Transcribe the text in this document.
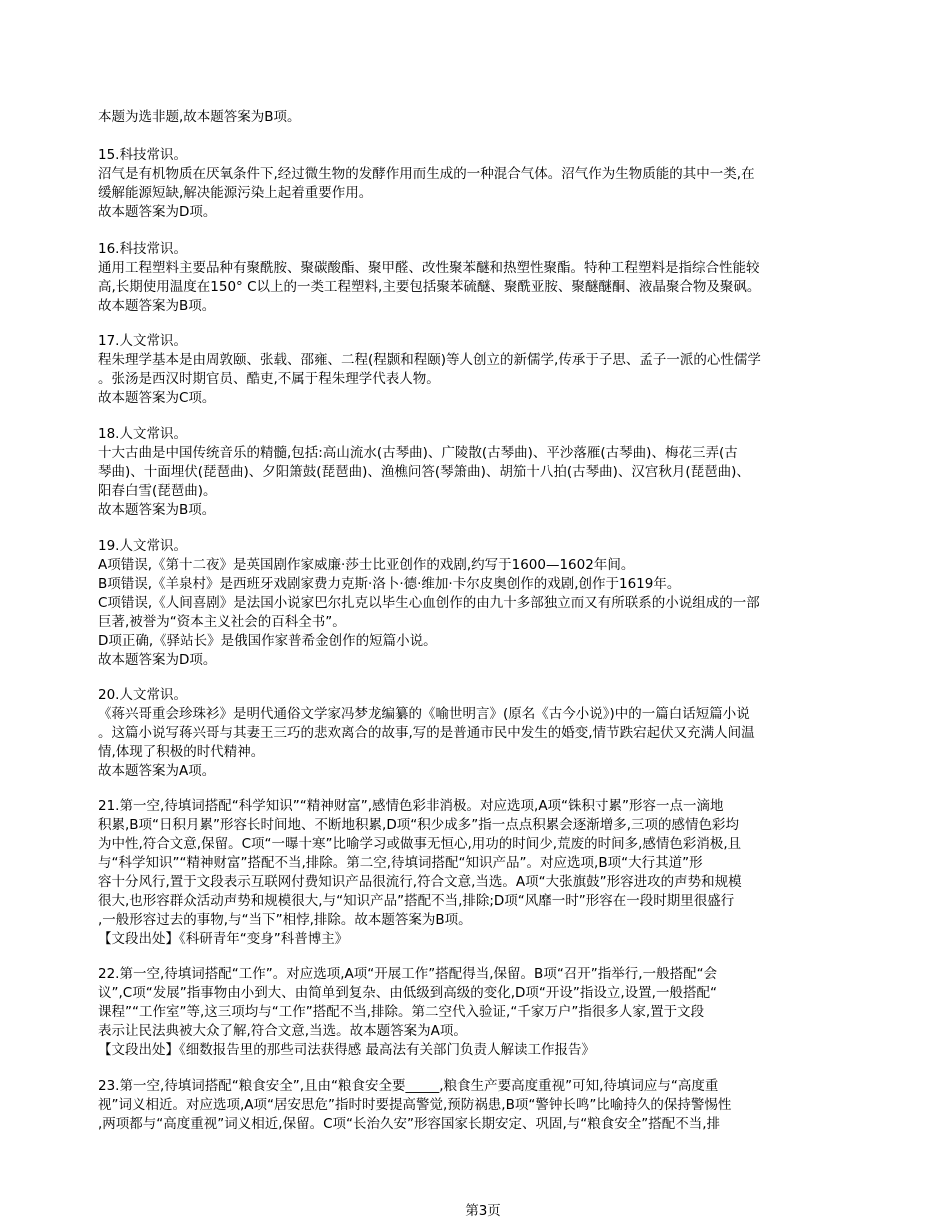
本题为选非题,故本题答案为B项。

15.科技常识。
沼气是有机物质在厌氧条件下,经过微生物的发酵作用而生成的一种混合气体。沼气作为生物质能的其中一类,在
缓解能源短缺,解决能源污染上起着重要作用。
故本题答案为D项。
16.科技常识。
通用工程塑料主要品种有聚酰胺、聚碳酸酯、聚甲醛、改性聚苯醚和热塑性聚酯。特种工程塑料是指综合性能较
高,长期使用温度在150° C以上的一类工程塑料,主要包括聚苯硫醚、聚酰亚胺、聚醚醚酮、液晶聚合物及聚砜。
故本题答案为B项。
17.人文常识。
程朱理学基本是由周敦颐、张载、邵雍、二程(程颢和程颐)等人创立的新儒学,传承于子思、孟子一派的心性儒学
。张汤是西汉时期官员、酷吏,不属于程朱理学代表人物。
故本题答案为C项。
18.人文常识。
十大古曲是中国传统音乐的精髓,包括:高山流水(古琴曲)、广陵散(古琴曲)、平沙落雁(古琴曲)、梅花三弄(古
琴曲)、十面埋伏(琵琶曲)、夕阳箫鼓(琵琶曲)、渔樵问答(琴箫曲)、胡笳十八拍(古琴曲)、汉宫秋月(琵琶曲)、
阳春白雪(琵琶曲)。
故本题答案为B项。
19.人文常识。
A项错误,《第十二夜》是英国剧作家威廉·莎士比亚创作的戏剧,约写于1600—1602年间。
B项错误,《羊泉村》是西班牙戏剧家费力克斯·洛卜·德·维加·卡尔皮奥创作的戏剧,创作于1619年。
C项错误,《人间喜剧》是法国小说家巴尔扎克以毕生心血创作的由九十多部独立而又有所联系的小说组成的一部
巨著,被誉为“资本主义社会的百科全书”。
D项正确,《驿站长》是俄国作家普希金创作的短篇小说。
故本题答案为D项。
20.人文常识。
《蒋兴哥重会珍珠衫》是明代通俗文学家冯梦龙编纂的《喻世明言》(原名《古今小说》)中的一篇白话短篇小说
。这篇小说写蒋兴哥与其妻王三巧的悲欢离合的故事,写的是普通市民中发生的婚变,情节跌宕起伏又充满人间温
情,体现了积极的时代精神。
故本题答案为A项。
21.第一空,待填词搭配“科学知识”“精神财富”,感情色彩非消极。对应选项,A项“铢积寸累”形容一点一滴地
积累,B项“日积月累”形容长时间地、不断地积累,D项“积少成多”指一点点积累会逐渐增多,三项的感情色彩均
为中性,符合文意,保留。C项“一曝十寒”比喻学习或做事无恒心,用功的时间少,荒废的时间多,感情色彩消极,且
与“科学知识”“精神财富”搭配不当,排除。第二空,待填词搭配“知识产品”。对应选项,B项“大行其道”形
容十分风行,置于文段表示互联网付费知识产品很流行,符合文意,当选。A项“大张旗鼓”形容进攻的声势和规模
很大,也形容群众活动声势和规模很大,与“知识产品”搭配不当,排除;D项“风靡一时”形容在一段时期里很盛行
,一般形容过去的事物,与“当下”相悖,排除。故本题答案为B项。
【文段出处】《科研青年“变身”科普博主》
22.第一空,待填词搭配“工作”。对应选项,A项“开展工作”搭配得当,保留。B项“召开”指举行,一般搭配“会
议”,C项“发展”指事物由小到大、由简单到复杂、由低级到高级的变化,D项“开设”指设立,设置,一般搭配“
课程”“工作室”等,这三项均与“工作”搭配不当,排除。第二空代入验证,“千家万户”指很多人家,置于文段
表示让民法典被大众了解,符合文意,当选。故本题答案为A项。
【文段出处】《细数报告里的那些司法获得感 最高法有关部门负责人解读工作报告》
23.第一空,待填词搭配“粮食安全”,且由“粮食安全要_____,粮食生产要高度重视”可知,待填词应与“高度重
视”词义相近。对应选项,A项“居安思危”指时时要提高警觉,预防祸患,B项“警钟长鸣”比喻持久的保持警惕性
,两项都与“高度重视”词义相近,保留。C项“长治久安”形容国家长期安定、巩固,与“粮食安全”搭配不当,排
第3页
